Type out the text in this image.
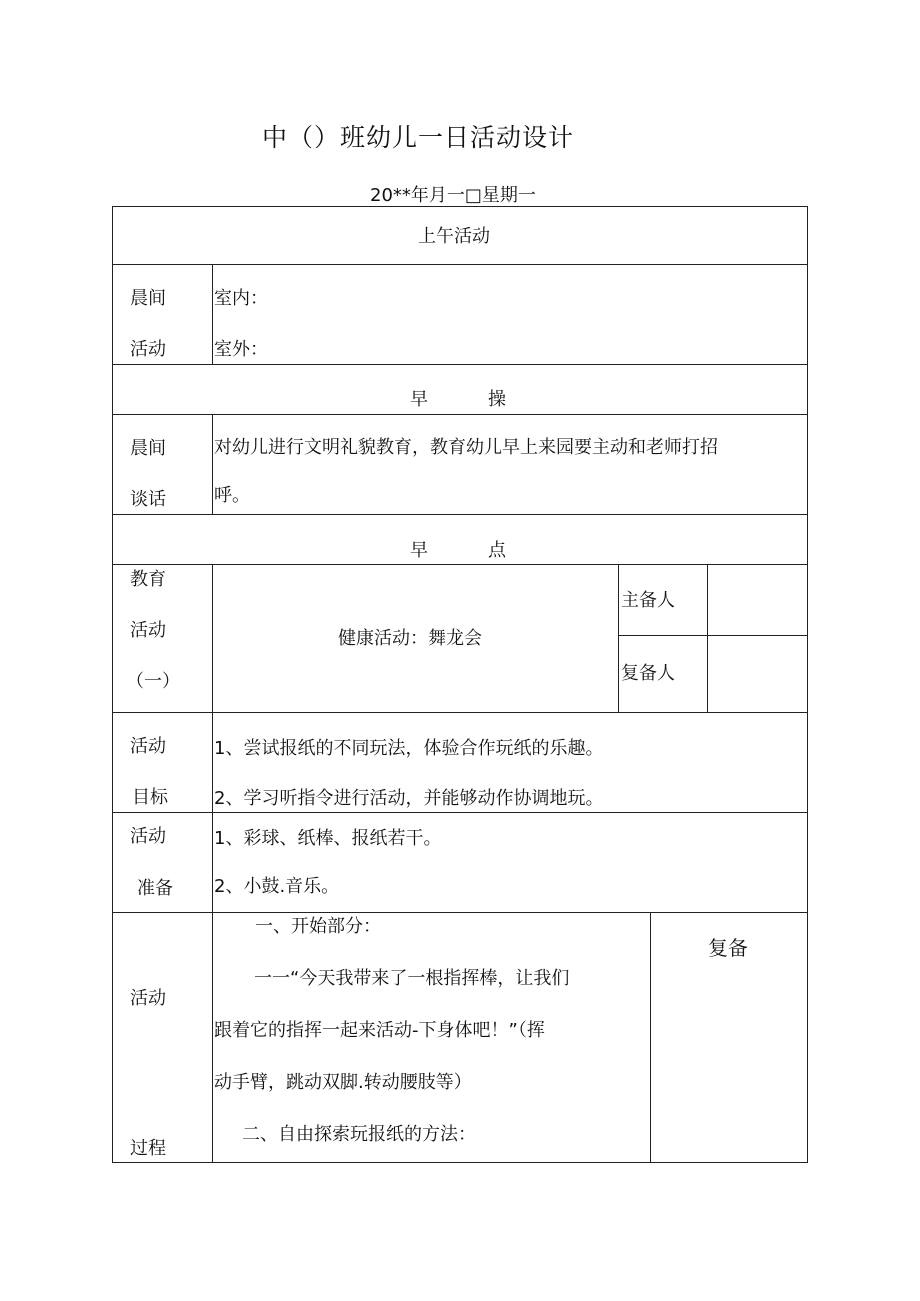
中（）班幼儿一日活动设计
20**年月一□星期一
上午活动
晨间
活动
室内：
室外：
早操
晨间
谈话
对幼儿进行文明礼貌教育，教育幼儿早上来园要主动和老师打招
呼。
早点
教育
活动
（一）
健康活动：舞龙会
主备人
复备人
活动
目标
1、尝试报纸的不同玩法，体验合作玩纸的乐趣。
2、学习听指令进行活动，并能够动作协调地玩。
活动
准备
1、彩球、纸棒、报纸若干。
2、小鼓.音乐。
活动
过程
一、开始部分：
一一“今天我带来了一根指挥棒，让我们
跟着它的指挥一起来活动-下身体吧！”（挥
动手臂，跳动双脚.转动腰肢等）
二、自由探索玩报纸的方法：
复备
